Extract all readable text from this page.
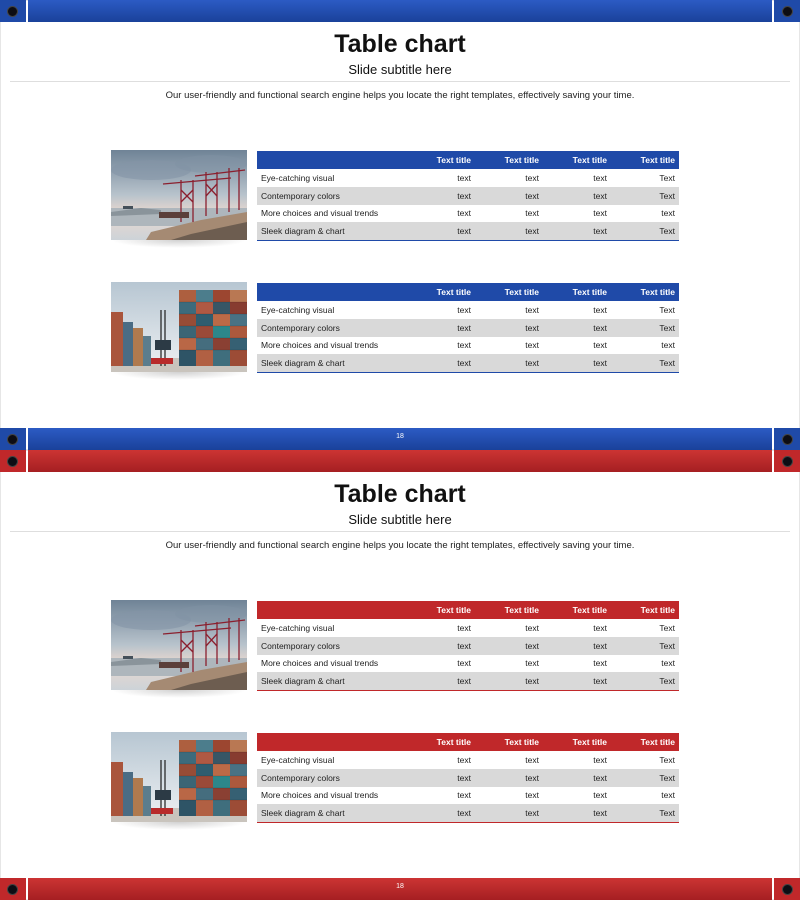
Table chart
Slide subtitle here
Our user-friendly and functional search engine helps you locate the right templates, effectively saving your time.
	Text title	Text title	Text title	Text title
Eye-catching visual	text	text	text	Text
Contemporary colors	text	text	text	Text
More choices and visual trends	text	text	text	text
Sleek diagram & chart	text	text	text	Text
	Text title	Text title	Text title	Text title
Eye-catching visual	text	text	text	Text
Contemporary colors	text	text	text	Text
More choices and visual trends	text	text	text	text
Sleek diagram & chart	text	text	text	Text
18
Table chart
Slide subtitle here
Our user-friendly and functional search engine helps you locate the right templates, effectively saving your time.
	Text title	Text title	Text title	Text title
Eye-catching visual	text	text	text	Text
Contemporary colors	text	text	text	Text
More choices and visual trends	text	text	text	text
Sleek diagram & chart	text	text	text	Text
	Text title	Text title	Text title	Text title
Eye-catching visual	text	text	text	Text
Contemporary colors	text	text	text	Text
More choices and visual trends	text	text	text	text
Sleek diagram & chart	text	text	text	Text
18
